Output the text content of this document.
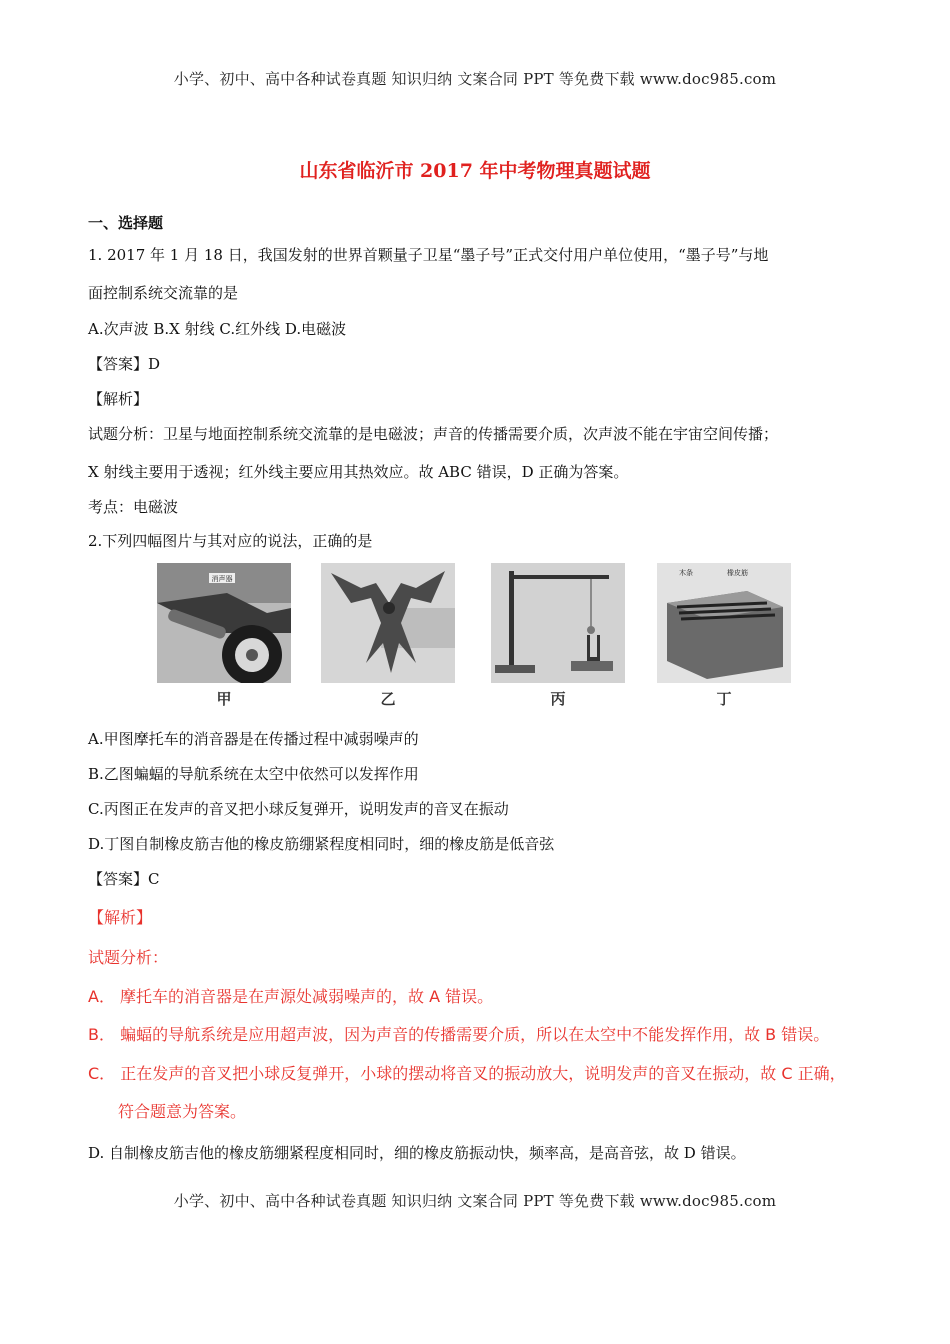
小学、初中、高中各种试卷真题 知识归纳 文案合同 PPT 等免费下载 www.doc985.com
山东省临沂市 2017 年中考物理真题试题
一、选择题
1. 2017 年 1 月 18 日，我国发射的世界首颗量子卫星“墨子号”正式交付用户单位使用，“墨子号”与地
面控制系统交流靠的是
A.次声波 B.X 射线 C.红外线 D.电磁波
【答案】D
【解析】
试题分析：卫星与地面控制系统交流靠的是电磁波；声音的传播需要介质，次声波不能在宇宙空间传播；
X 射线主要用于透视；红外线主要应用其热效应。故 ABC 错误，D 正确为答案。
考点：电磁波
2.下列四幅图片与其对应的说法，正确的是
消声器
甲	乙	丙
木条	橡皮筋
丁
A.甲图摩托车的消音器是在传播过程中减弱噪声的
B.乙图蝙蝠的导航系统在太空中依然可以发挥作用
C.丙图正在发声的音叉把小球反复弹开，说明发声的音叉在振动
D.丁图自制橡皮筋吉他的橡皮筋绷紧程度相同时，细的橡皮筋是低音弦
【答案】C
【解析】
试题分析：
A． 摩托车的消音器是在声源处减弱噪声的，故 A 错误。
B． 蝙蝠的导航系统是应用超声波，因为声音的传播需要介质，所以在太空中不能发挥作用，故 B 错误。
C． 正在发声的音叉把小球反复弹开，小球的摆动将音叉的振动放大，说明发声的音叉在振动，故 C 正确，
符合题意为答案。
D. 自制橡皮筋吉他的橡皮筋绷紧程度相同时，细的橡皮筋振动快，频率高，是高音弦，故 D 错误。
小学、初中、高中各种试卷真题 知识归纳 文案合同 PPT 等免费下载 www.doc985.com
